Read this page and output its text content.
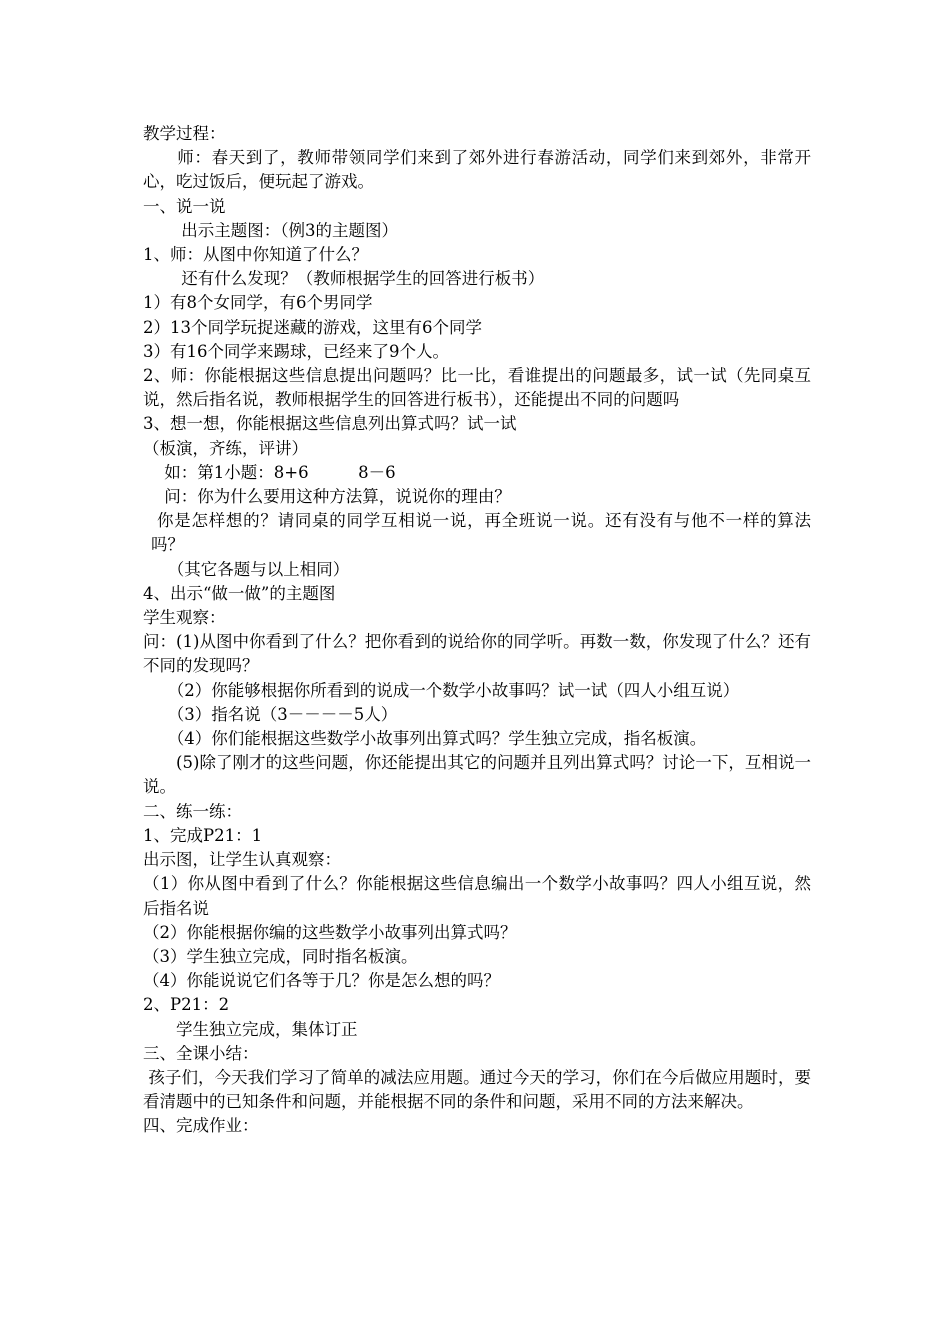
教学过程：

　　师：春天到了，教师带领同学们来到了郊外进行春游活动，同学们来到郊外，非常开心，吃过饭后，便玩起了游戏。

一、说一说

　　 出示主题图：（例3的主题图）

1、师：从图中你知道了什么？

　　 还有什么发现？（教师根据学生的回答进行板书）

1）有8个女同学，有6个男同学

2）13个同学玩捉迷藏的游戏，这里有6个同学

3）有16个同学来踢球，已经来了9个人。

2、师：你能根据这些信息提出问题吗？比一比，看谁提出的问题最多，试一试（先同桌互说，然后指名说，教师根据学生的回答进行板书），还能提出不同的问题吗

3、想一想，你能根据这些信息列出算式吗？试一试

（板演，齐练，评讲）

如：第1小题：8+6　　　8－6

问：你为什么要用这种方法算，说说你的理由？

你是怎样想的？请同桌的同学互相说一说，再全班说一说。还有没有与他不一样的算法吗？

　　（其它各题与以上相同）

4、出示“做一做”的主题图

学生观察：

问：(1)从图中你看到了什么？把你看到的说给你的同学听。再数一数，你发现了什么？还有不同的发现吗？

　　（2）你能够根据你所看到的说成一个数学小故事吗？试一试（四人小组互说）

　　（3）指名说（3－－－－5人）

　　（4）你们能根据这些数学小故事列出算式吗？学生独立完成，指名板演。

　　(5)除了刚才的这些问题，你还能提出其它的问题并且列出算式吗？讨论一下，互相说一说。

二、练一练：

1、完成P21：1

出示图，让学生认真观察：

（1）你从图中看到了什么？你能根据这些信息编出一个数学小故事吗？四人小组互说，然后指名说

（2）你能根据你编的这些数学小故事列出算式吗？

（3）学生独立完成，同时指名板演。

（4）你能说说它们各等于几？你是怎么想的吗？

2、P21：2

　　学生独立完成，集体订正

三、全课小结：

孩子们，今天我们学习了简单的减法应用题。通过今天的学习，你们在今后做应用题时，要看清题中的已知条件和问题，并能根据不同的条件和问题，采用不同的方法来解决。

四、完成作业：
